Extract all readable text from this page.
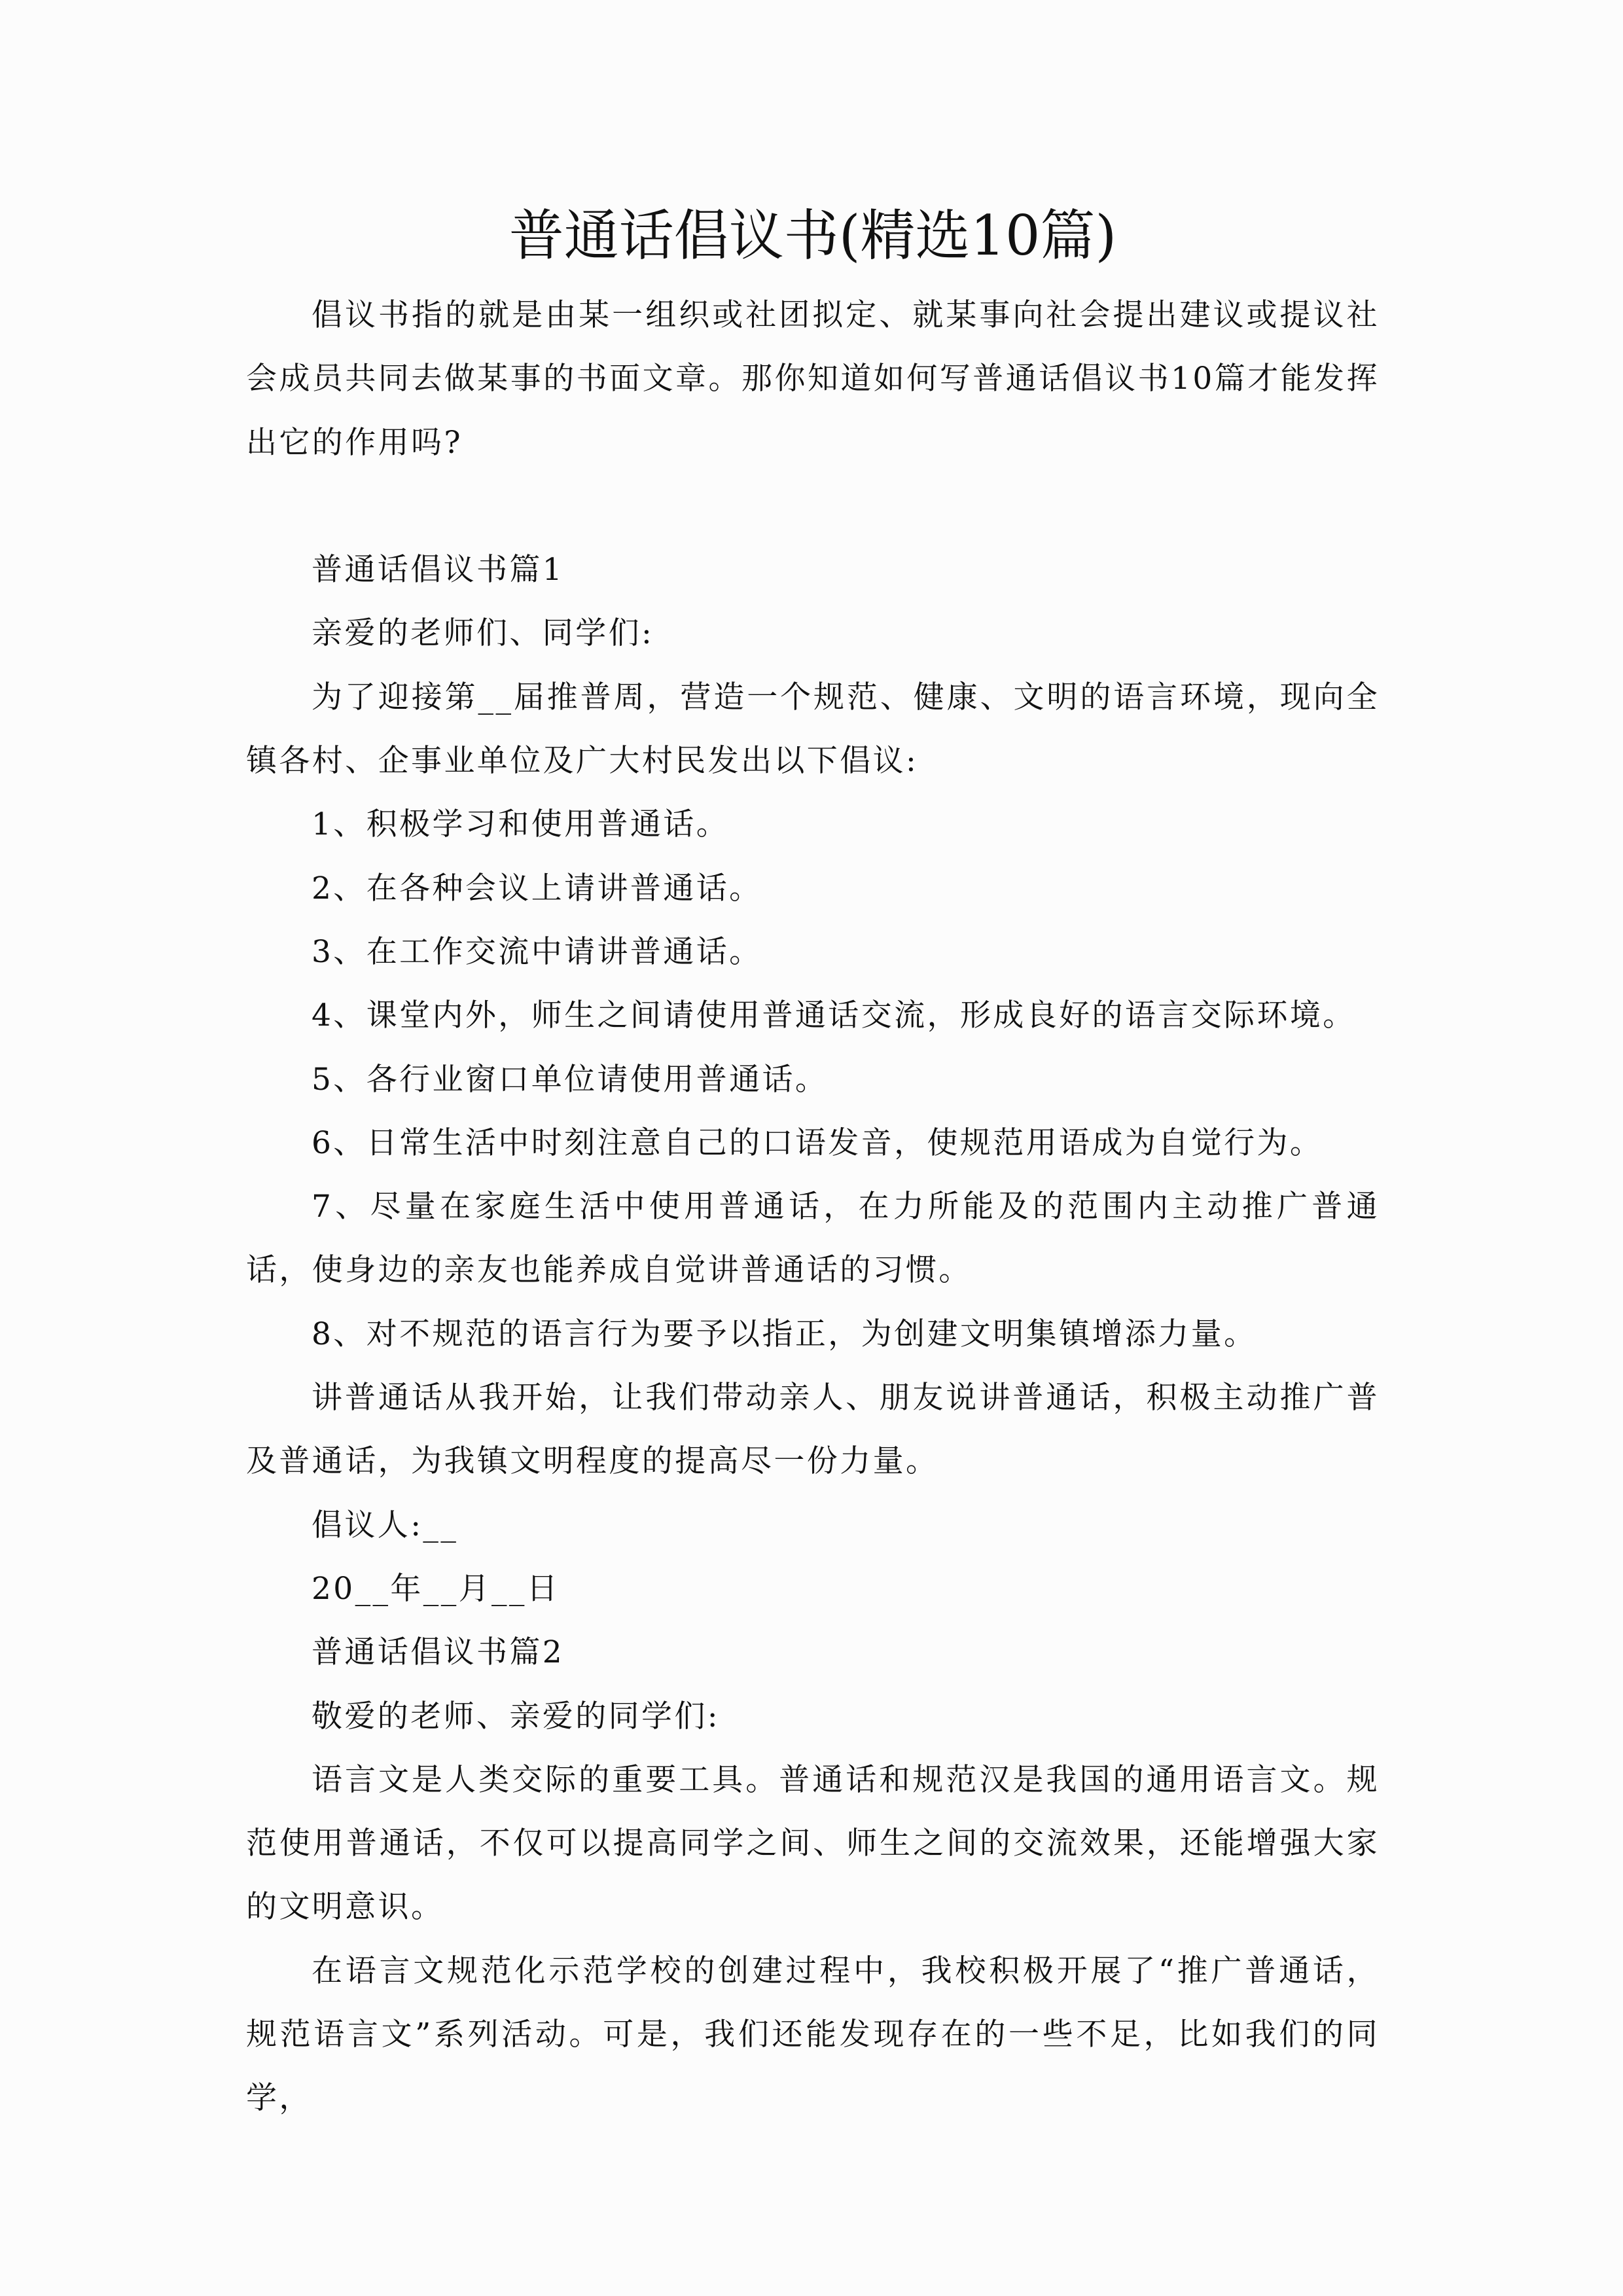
普通话倡议书(精选10篇)

倡议书指的就是由某一组织或社团拟定、就某事向社会提出建议或提议社会成员共同去做某事的书面文章。那你知道如何写普通话倡议书10篇才能发挥出它的作用吗?

普通话倡议书篇1

亲爱的老师们、同学们:

为了迎接第__届推普周，营造一个规范、健康、文明的语言环境，现向全镇各村、企事业单位及广大村民发出以下倡议:

1、积极学习和使用普通话。

2、在各种会议上请讲普通话。

3、在工作交流中请讲普通话。

4、课堂内外，师生之间请使用普通话交流，形成良好的语言交际环境。

5、各行业窗口单位请使用普通话。

6、日常生活中时刻注意自己的口语发音，使规范用语成为自觉行为。

7、尽量在家庭生活中使用普通话，在力所能及的范围内主动推广普通话，使身边的亲友也能养成自觉讲普通话的习惯。

8、对不规范的语言行为要予以指正，为创建文明集镇增添力量。

讲普通话从我开始，让我们带动亲人、朋友说讲普通话，积极主动推广普及普通话，为我镇文明程度的提高尽一份力量。

倡议人:__

20__年__月__日

普通话倡议书篇2

敬爱的老师、亲爱的同学们:

语言文是人类交际的重要工具。普通话和规范汉是我国的通用语言文。规范使用普通话，不仅可以提高同学之间、师生之间的交流效果，还能增强大家的文明意识。

在语言文规范化示范学校的创建过程中，我校积极开展了“推广普通话，规范语言文”系列活动。可是，我们还能发现存在的一些不足，比如我们的同学，
